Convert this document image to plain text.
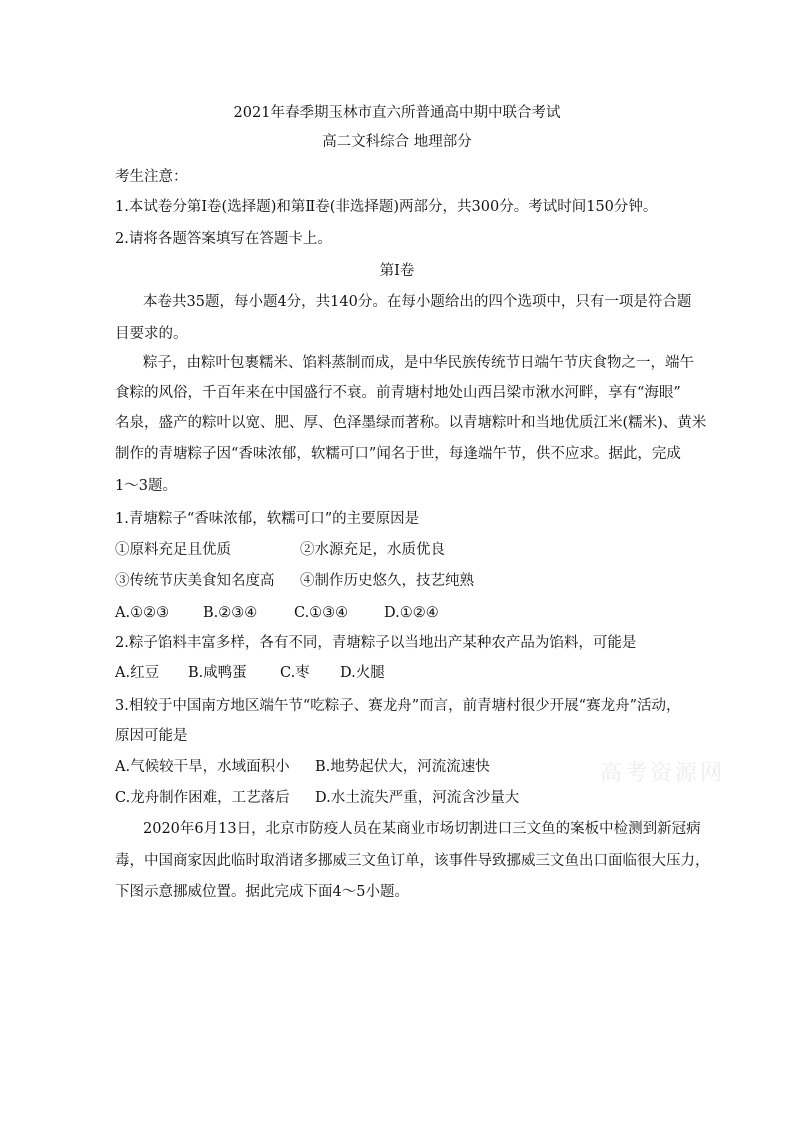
2021年春季期玉林市直六所普通高中期中联合考试
高二文科综合 地理部分
考生注意：
1.本试卷分第Ⅰ卷(选择题)和第Ⅱ卷(非选择题)两部分，共300分。考试时间150分钟。
2.请将各题答案填写在答题卡上。
第Ⅰ卷
本卷共35题，每小题4分，共140分。在每小题给出的四个选项中，只有一项是符合题
目要求的。
粽子，由粽叶包裹糯米、馅料蒸制而成，是中华民族传统节日端午节庆食物之一，端午
食粽的风俗，千百年来在中国盛行不衰。前青塘村地处山西吕梁市湫水河畔，享有“海眼”
名泉，盛产的粽叶以宽、肥、厚、色泽墨绿而著称。以青塘粽叶和当地优质江米(糯米)、黄米
制作的青塘粽子因“香味浓郁，软糯可口”闻名于世，每逢端午节，供不应求。据此，完成
1～3题。
1.青塘粽子“香味浓郁，软糯可口”的主要原因是
①原料充足且优质	②水源充足，水质优良
③传统节庆美食知名度高 ④制作历史悠久，技艺纯熟
A.①②③ B.②③④	C.①③④ D.①②④
2.粽子馅料丰富多样，各有不同，青塘粽子以当地出产某种农产品为馅料，可能是
A.红豆 B.咸鸭蛋 C.枣 D.火腿
3.相较于中国南方地区端午节“吃粽子、赛龙舟”而言，前青塘村很少开展“赛龙舟”活动，
原因可能是
A.气候较干旱，水域面积小 B.地势起伏大，河流流速快
C.龙舟制作困难，工艺落后 D.水土流失严重，河流含沙量大
2020年6月13日，北京市防疫人员在某商业市场切割进口三文鱼的案板中检测到新冠病
毒，中国商家因此临时取消诸多挪威三文鱼订单，该事件导致挪威三文鱼出口面临很大压力，
下图示意挪威位置。据此完成下面4～5小题。
高考资源网
